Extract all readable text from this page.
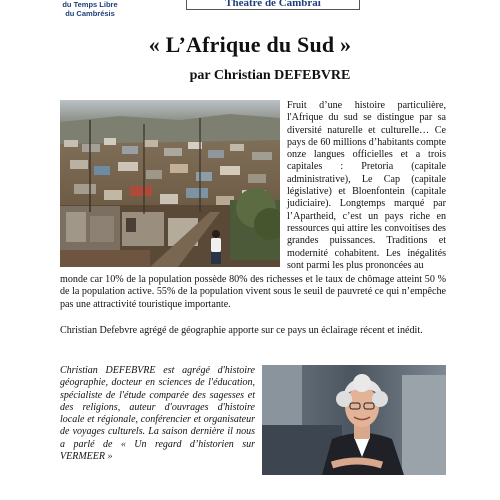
du Temps Libre
du Cambrésis
Théâtre de Cambrai
« L’Afrique du Sud »
par Christian DEFEBVRE
Fruit d’une histoire particulière, l'Afrique du sud se distingue par sa diversité naturelle et culturelle… Ce pays de 60 millions d’habitants compte onze langues officielles et a trois capitales : Pretoria (capitale administrative), Le Cap (capitale législative) et Bloenfontein (capitale judiciaire). Longtemps marqué par l’Apartheid, c’est un pays riche en ressources qui attire les convoitises des grandes puissances. Traditions et modernité cohabitent. Les inégalités sont parmi les plus prononcées au
monde car 10% de la population possède 80% des richesses et le taux de chômage atteint 50 % de la population active. 55% de la population vivent sous le seuil de pauvreté ce qui n’empêche pas une attractivité touristique importante.
Christian Defebvre agrégé de géographie apporte sur ce pays un éclairage récent et inédit.
Christian DEFEBVRE est agrégé d'histoire géographie, docteur en sciences de l'éducation, spécialiste de l'étude comparée des sagesses et des religions, auteur d'ouvrages d'histoire locale et régionale, conférencier et organisateur de voyages culturels. La saison dernière il nous a parlé de « Un regard d’historien sur VERMEER »
